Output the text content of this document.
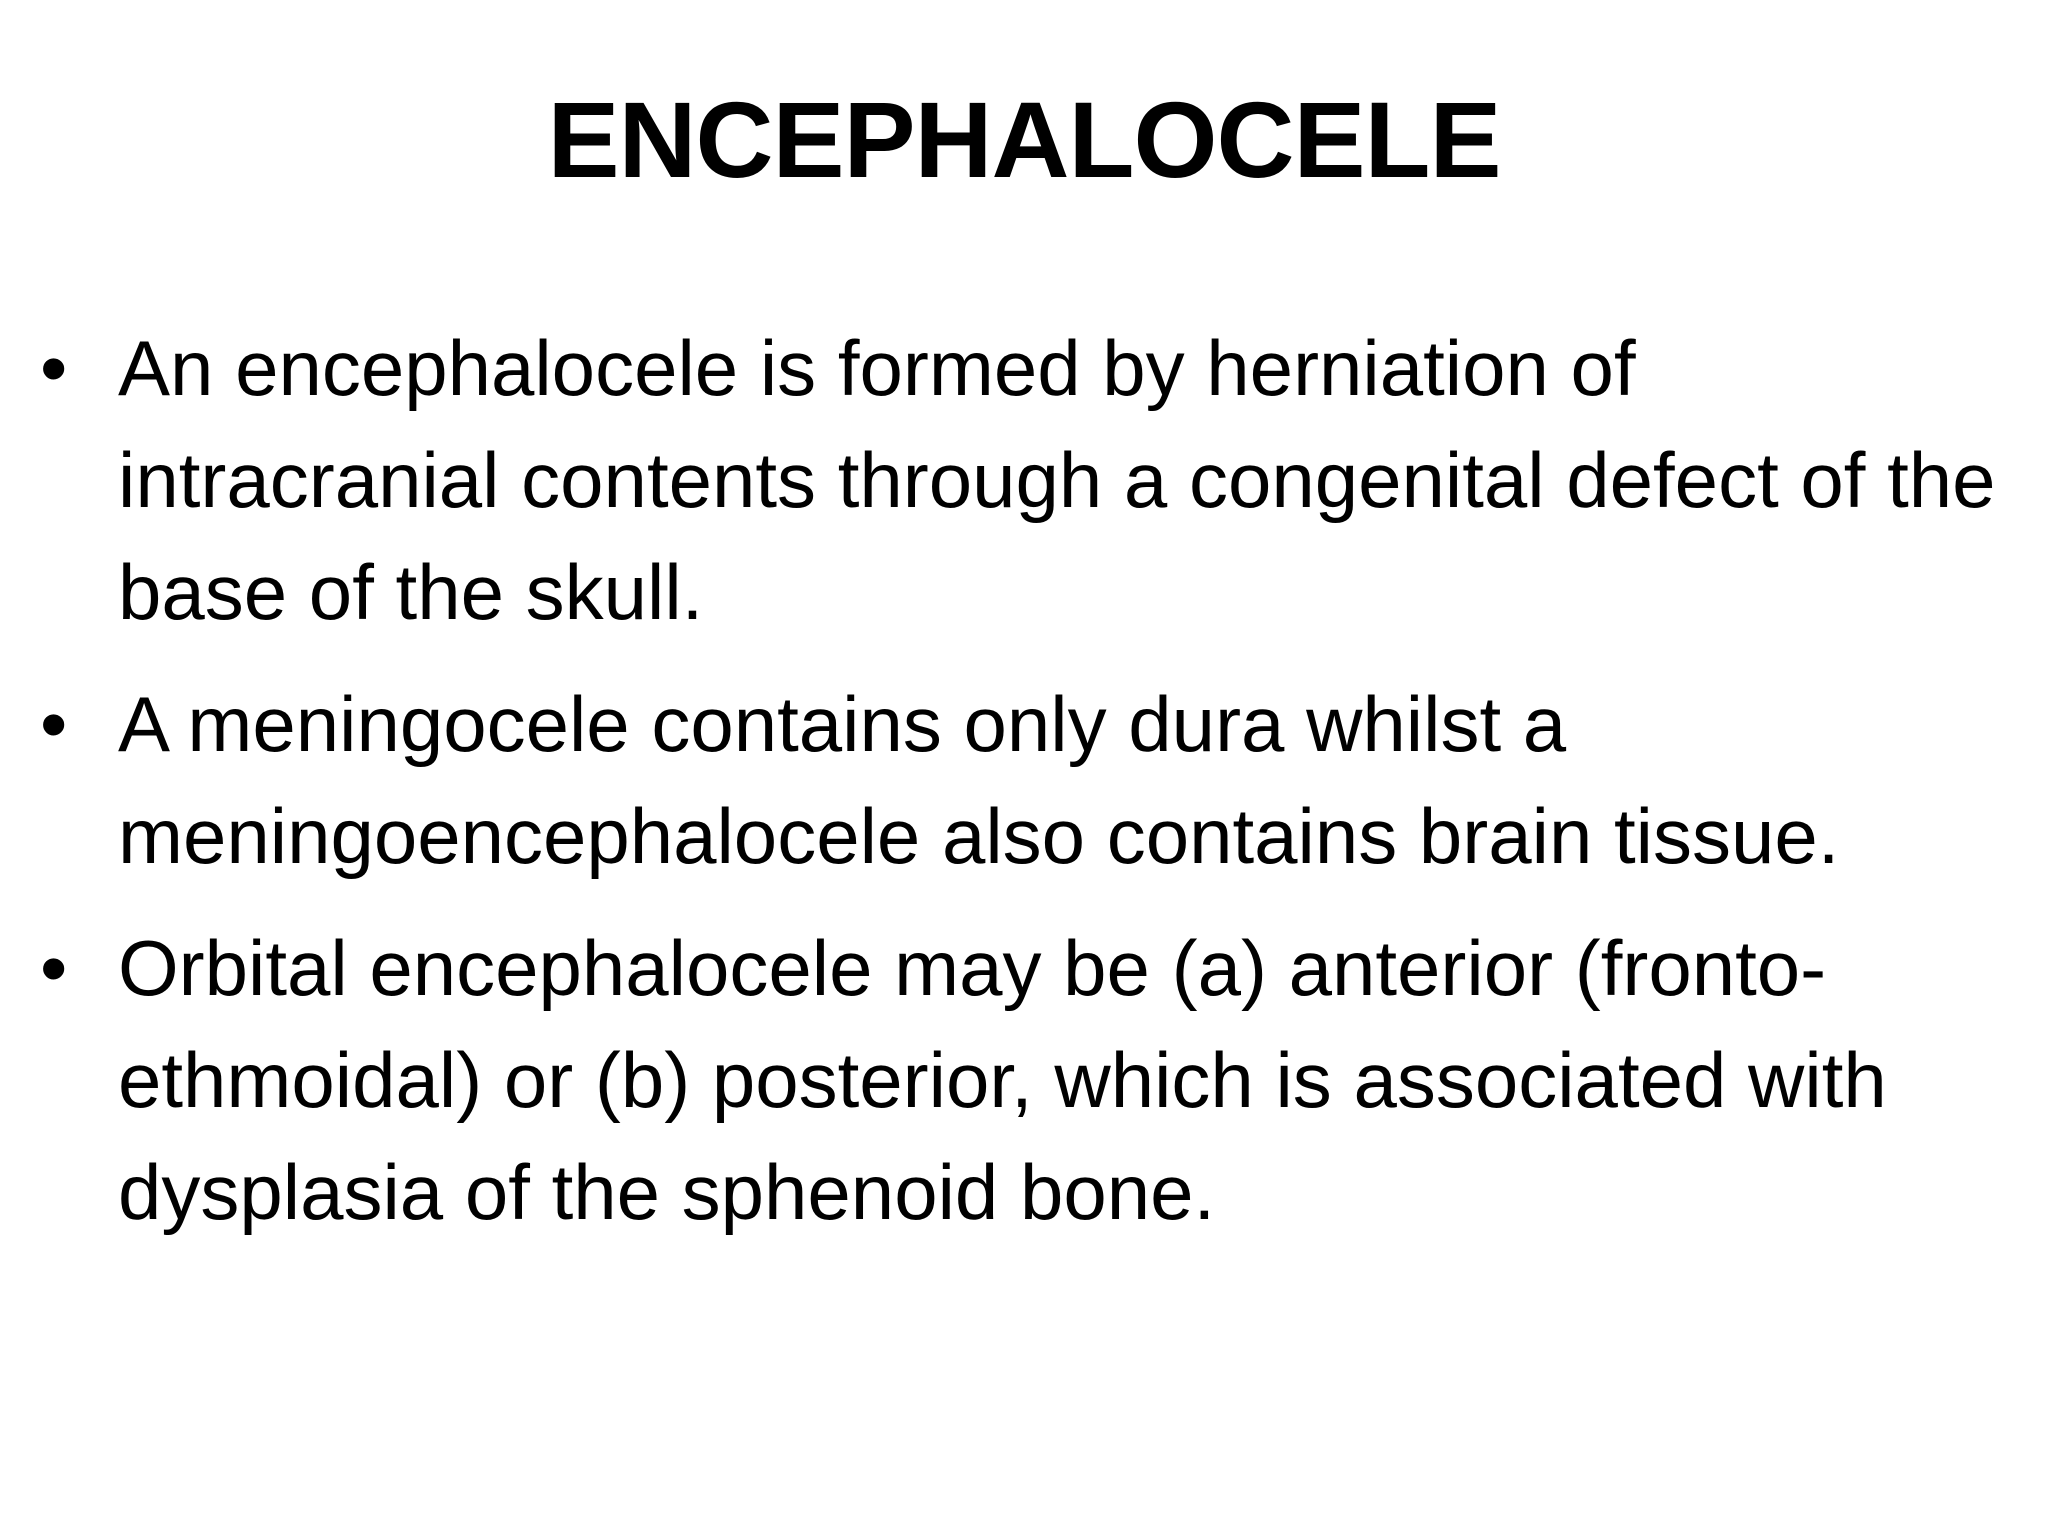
ENCEPHALOCELE
• An encephalocele is formed by herniation of intracranial contents through a congenital defect of the base of the skull.
• A meningocele contains only dura whilst a meningoencephalocele also contains brain tissue.
• Orbital encephalocele may be (a) anterior (fronto-ethmoidal) or (b) posterior, which is associated with dysplasia of the sphenoid bone.
